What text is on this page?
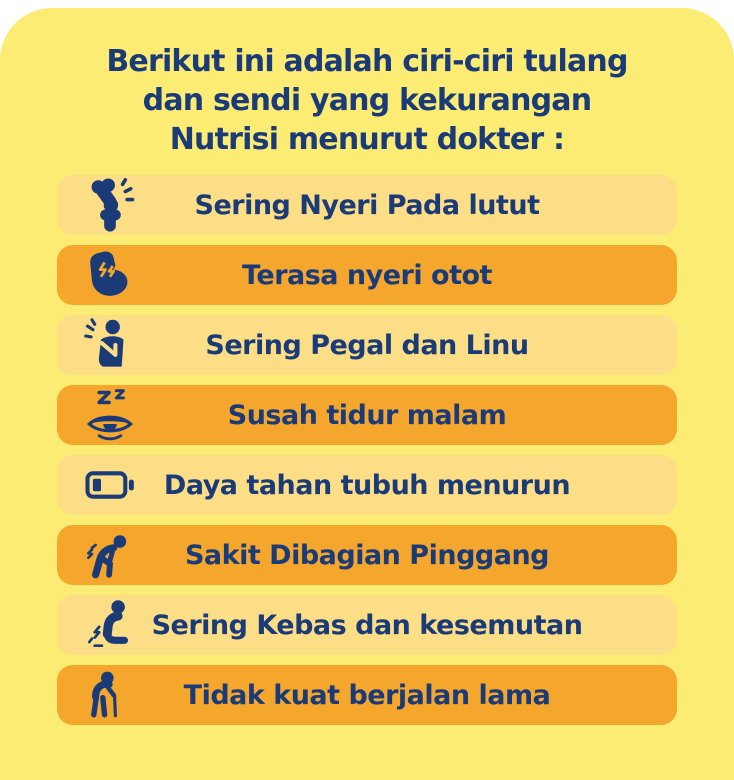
Berikut ini adalah ciri-ciri tulang
dan sendi yang kekurangan
Nutrisi menurut dokter :
Sering Nyeri Pada lutut
Terasa nyeri otot
Sering Pegal dan Linu
Susah tidur malam
Daya tahan tubuh menurun
Sakit Dibagian Pinggang
Sering Kebas dan kesemutan
Tidak kuat berjalan lama
